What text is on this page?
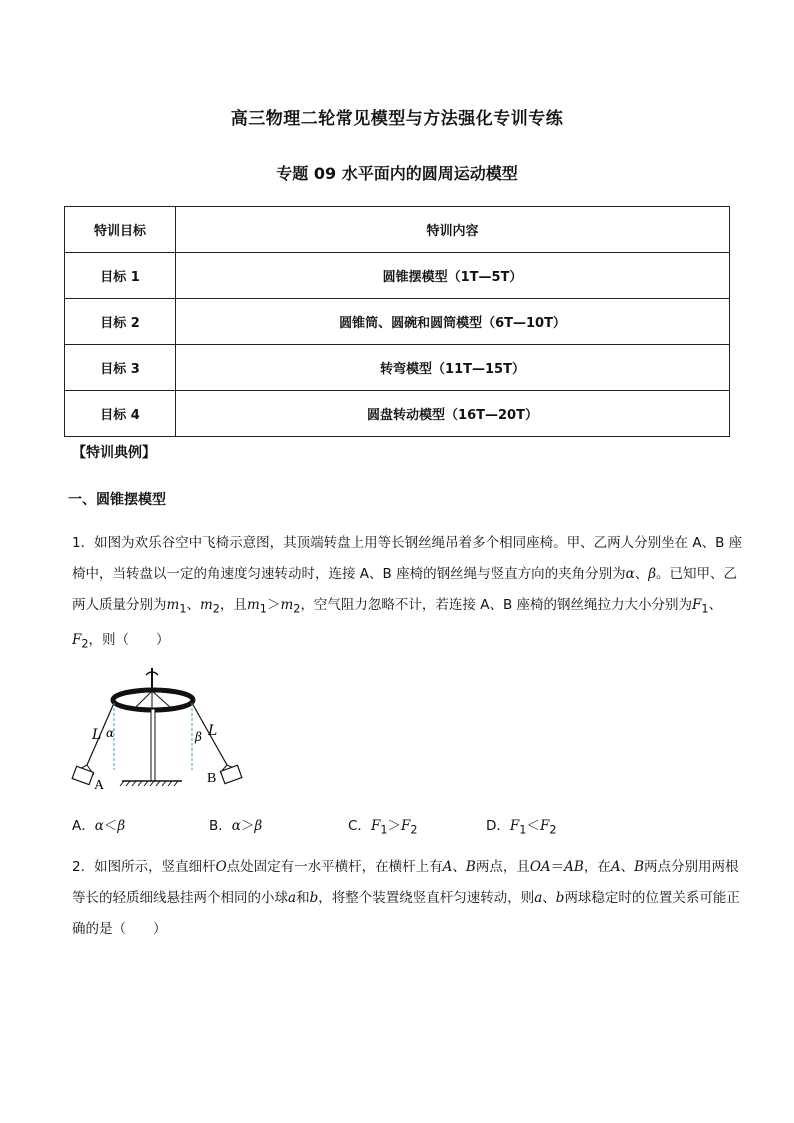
高三物理二轮常见模型与方法强化专训专练
专题 09 水平面内的圆周运动模型
特训目标	特训内容
目标 1	圆锥摆模型（1T—5T）
目标 2	圆锥筒、圆碗和圆筒模型（6T—10T）
目标 3	转弯模型（11T—15T）
目标 4	圆盘转动模型（16T—20T）
【特训典例】
一、圆锥摆模型
1．如图为欢乐谷空中飞椅示意图，其顶端转盘上用等长钢丝绳吊着多个相同座椅。甲、乙两人分别坐在 A、B 座椅中，当转盘以一定的角速度匀速转动时，连接 A、B 座椅的钢丝绳与竖直方向的夹角分别为α、β。已知甲、乙两人质量分别为$m_1$、$m_2$，且$m_1>m_2$，空气阻力忽略不计，若连接 A、B 座椅的钢丝绳拉力大小分别为$F_1$、$F_2$，则（　　）
L α	β L
A	B
A．α＜β	B．α＞β	C．$F_1>F_2$	D．$F_1<F_2$
2．如图所示，竖直细杆O点处固定有一水平横杆，在横杆上有A、B两点，且OA＝AB，在A、B两点分别用两根等长的轻质细线悬挂两个相同的小球a和b，将整个装置绕竖直杆匀速转动，则a、b两球稳定时的位置关系可能正确的是（　　）
